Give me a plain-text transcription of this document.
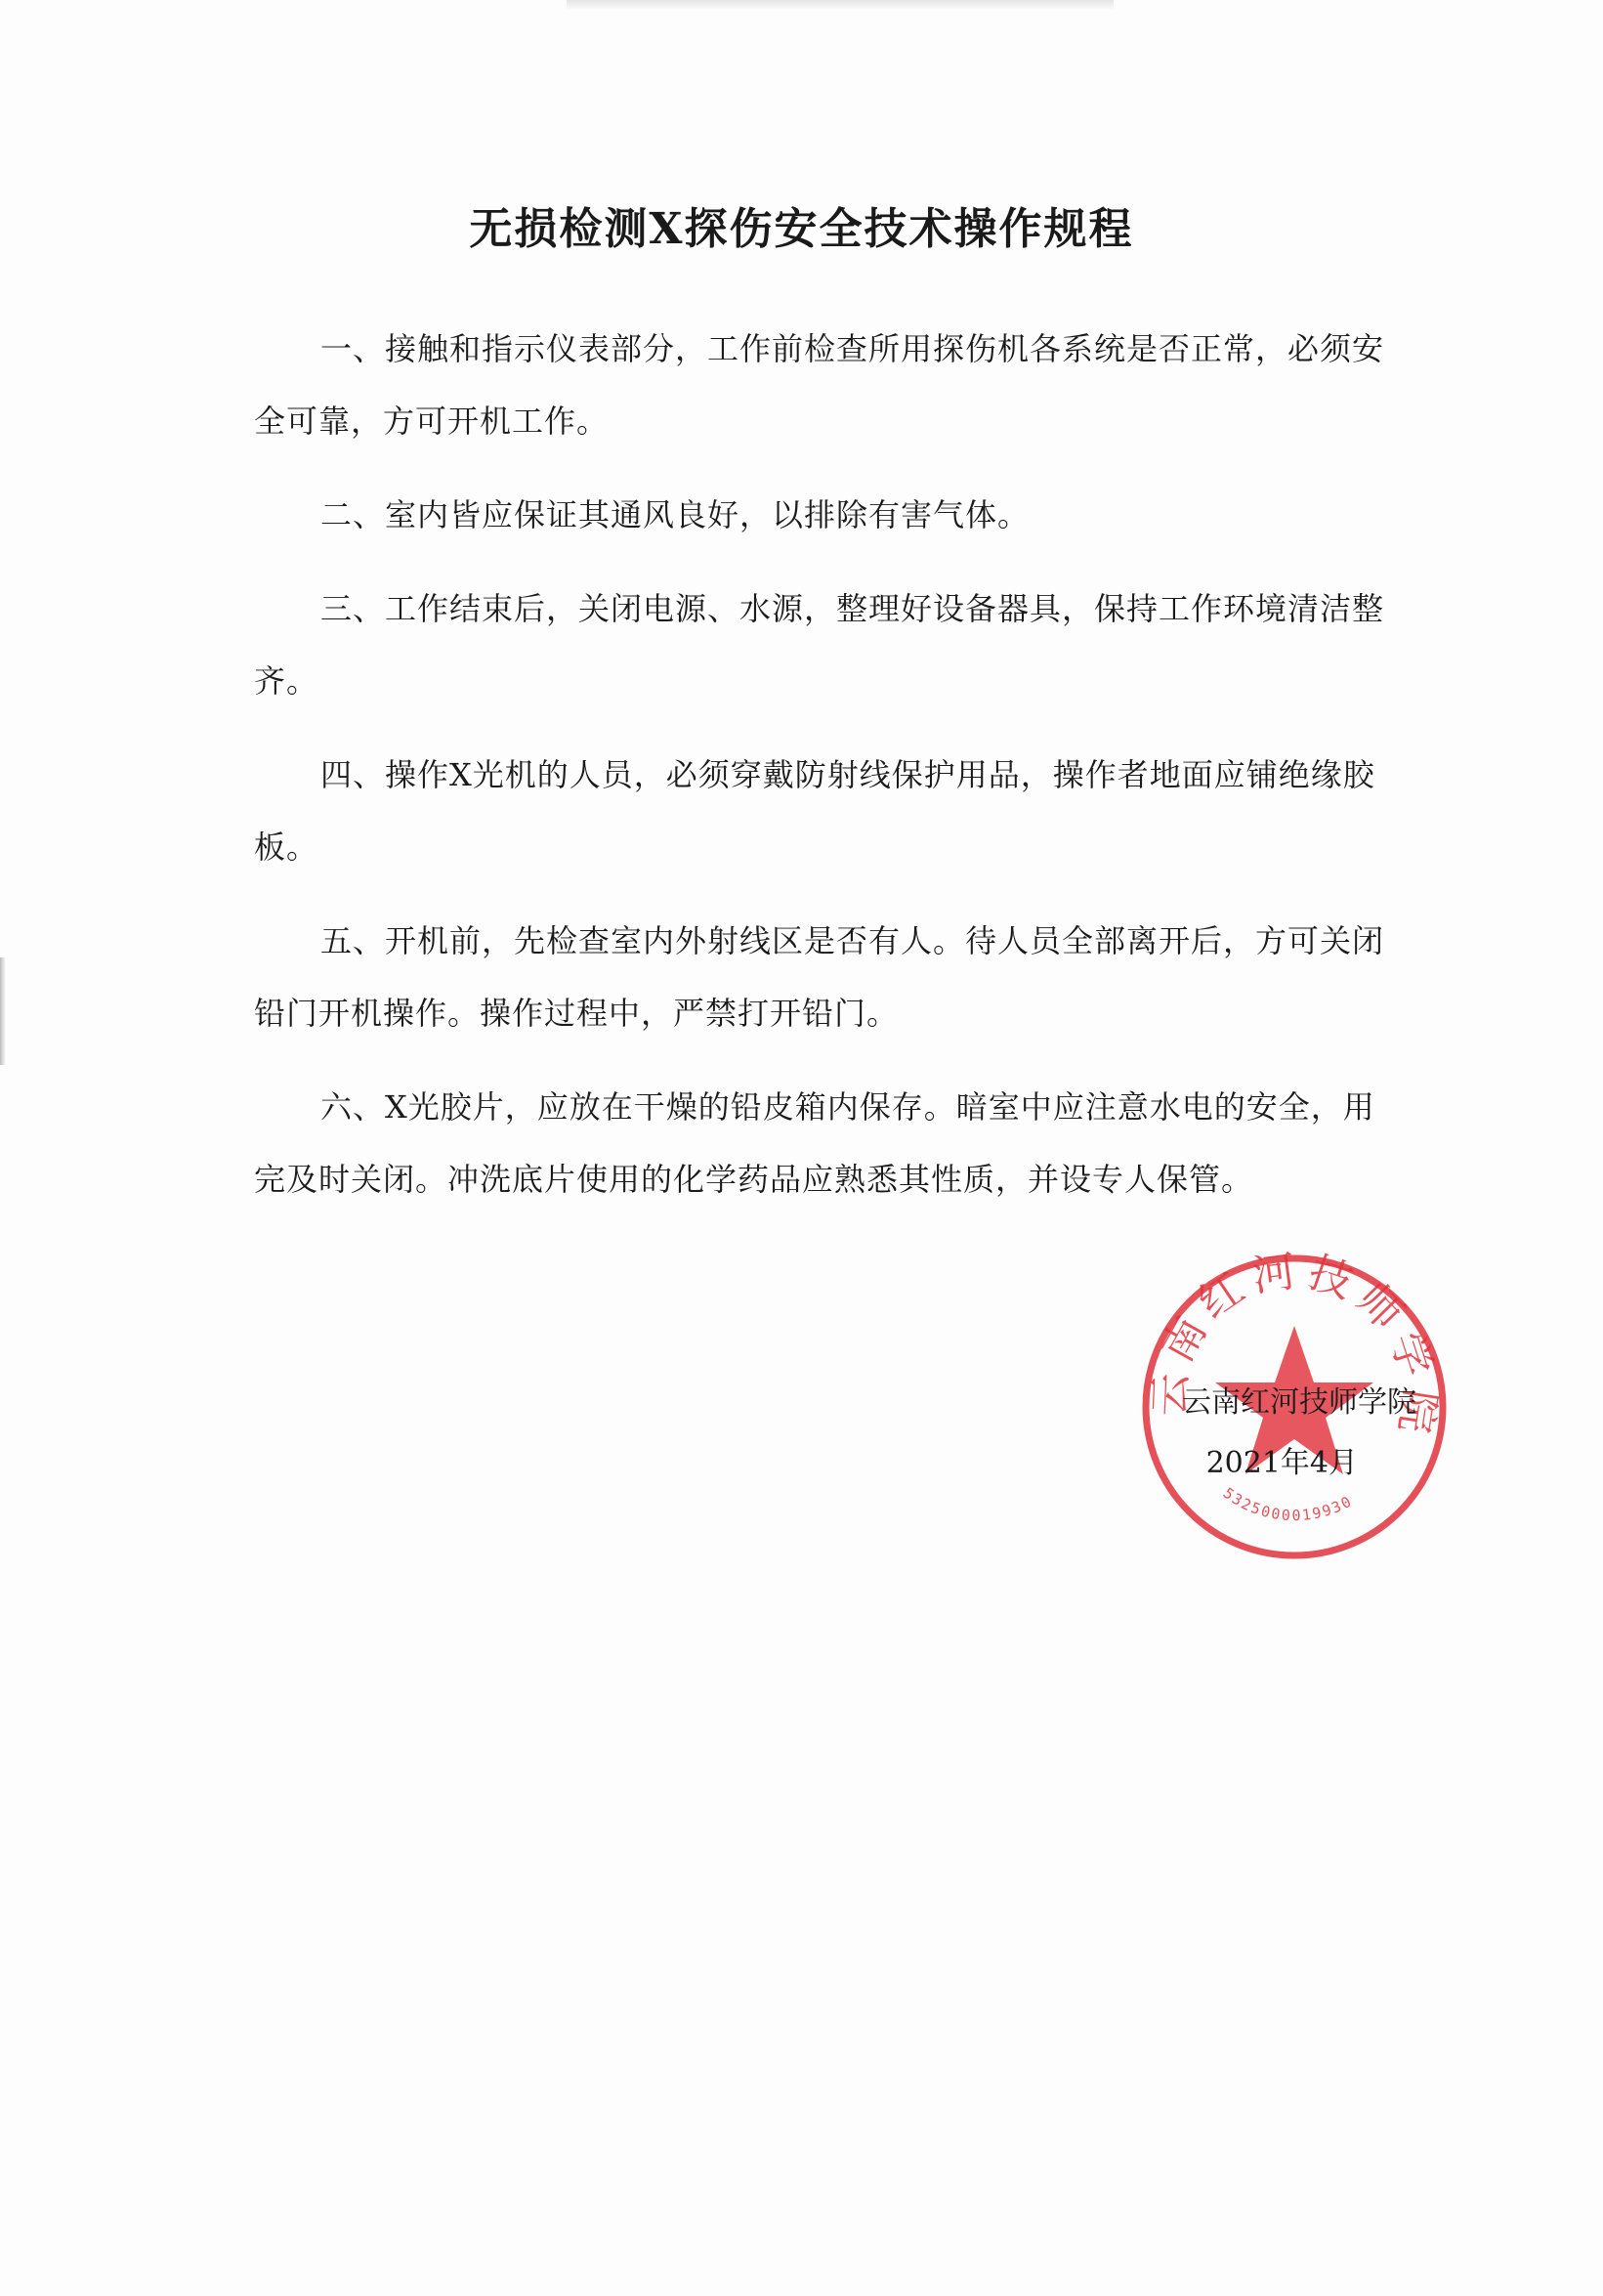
无损检测X探伤安全技术操作规程

一、接触和指示仪表部分，工作前检查所用探伤机各系统是否正常，必须安全可靠，方可开机工作。

二、室内皆应保证其通风良好，以排除有害气体。

三、工作结束后，关闭电源、水源，整理好设备器具，保持工作环境清洁整齐。

四、操作X光机的人员，必须穿戴防射线保护用品，操作者地面应铺绝缘胶板。

五、开机前，先检查室内外射线区是否有人。待人员全部离开后，方可关闭铅门开机操作。操作过程中，严禁打开铅门。

六、X光胶片，应放在干燥的铅皮箱内保存。暗室中应注意水电的安全，用完及时关闭。冲洗底片使用的化学药品应熟悉其性质，并设专人保管。

云南红河技师学院
5325000019930
云南红河技师学院
2021年4月
